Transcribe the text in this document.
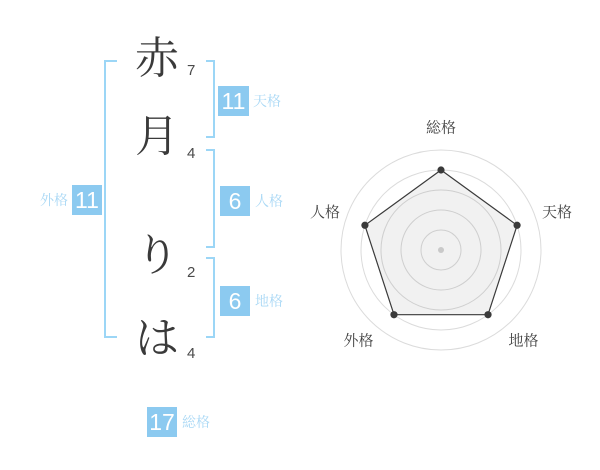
外格 11
赤
月
り
は
7
4
2
4
11 天格
6 人格
6 地格
17 総格
総格
天格
地格
外格
人格
